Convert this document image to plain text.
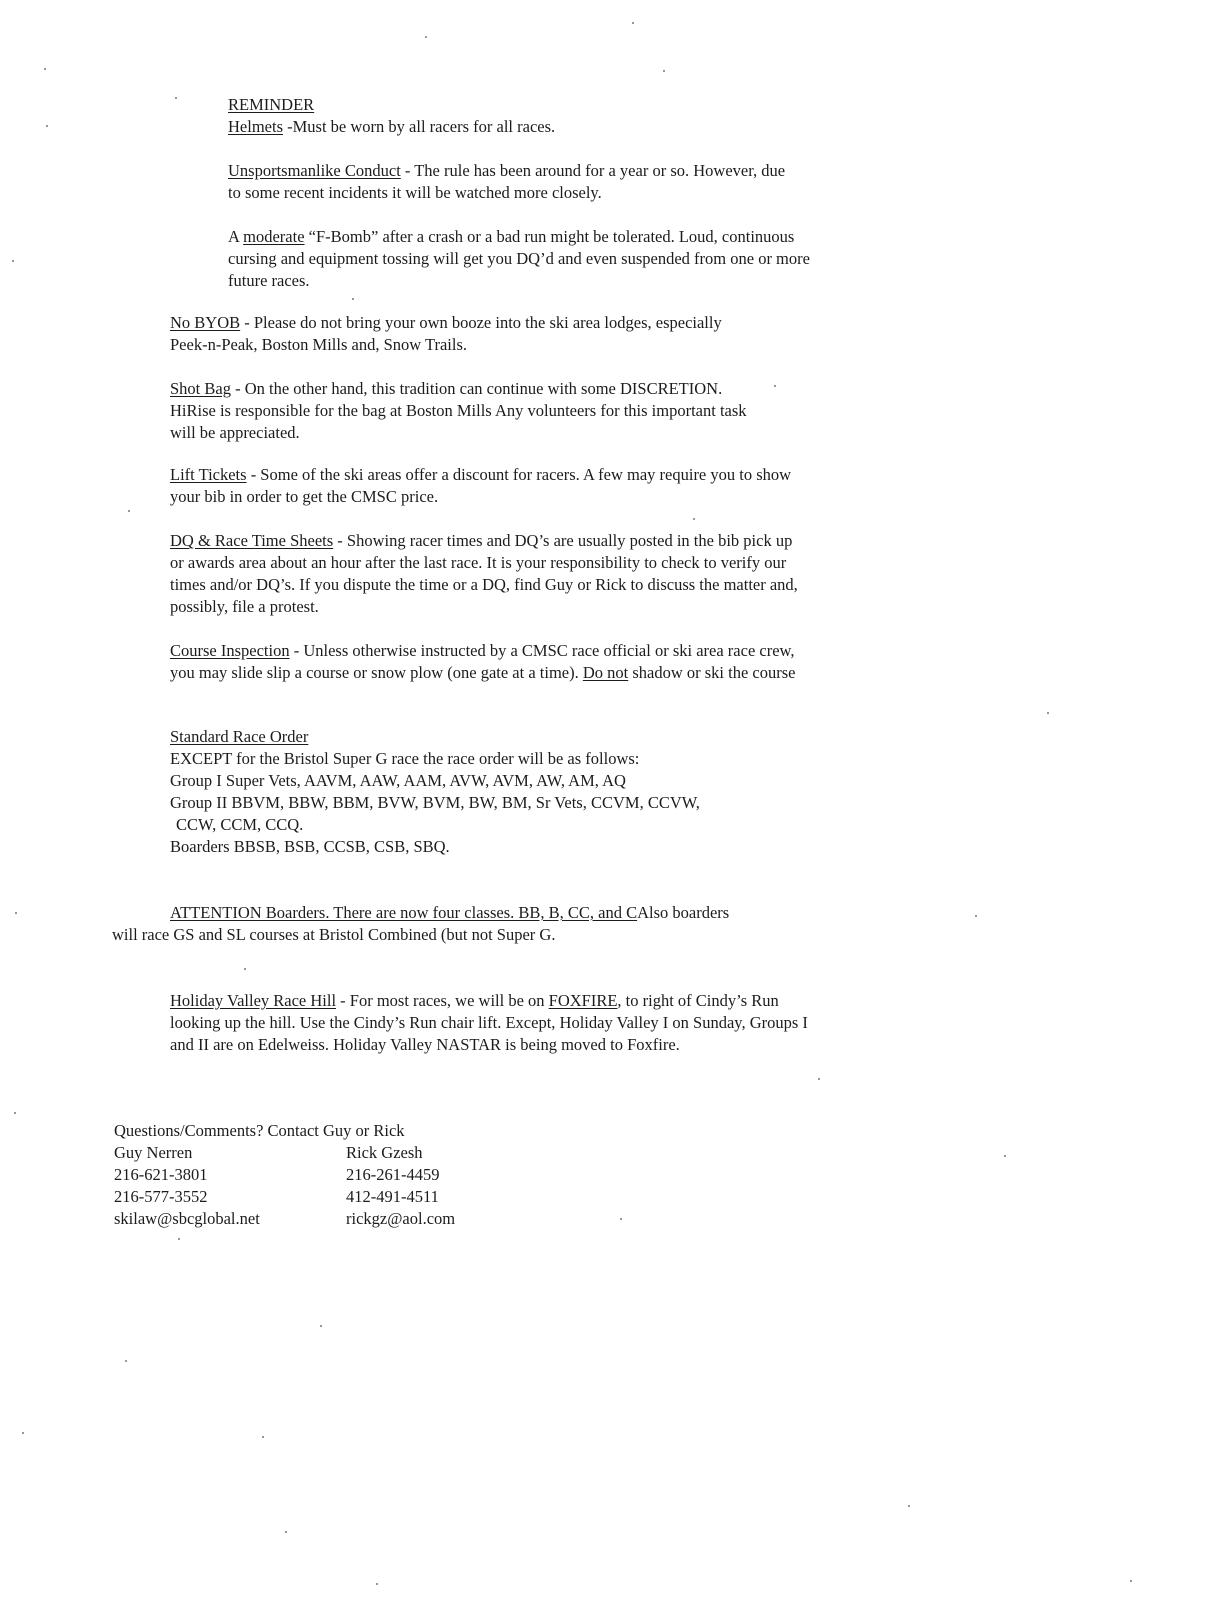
REMINDER

Helmets -Must be worn by all racers for all races.

Unsportsmanlike Conduct - The rule has been around for a year or so. However, due to some recent incidents it will be watched more closely.
A moderate “F-Bomb” after a crash or a bad run might be tolerated. Loud, continuous cursing and equipment tossing will get you DQ’d and even suspended from one or more future races.
No BYOB - Please do not bring your own booze into the ski area lodges, especially Peek-n-Peak, Boston Mills and, Snow Trails.
Shot Bag - On the other hand, this tradition can continue with some DISCRETION. HiRise is responsible for the bag at Boston Mills Any volunteers for this important task will be appreciated.
Lift Tickets - Some of the ski areas offer a discount for racers. A few may require you to show your bib in order to get the CMSC price.
DQ & Race Time Sheets - Showing racer times and DQ’s are usually posted in the bib pick up or awards area about an hour after the last race. It is your responsibility to check to verify our times and/or DQ’s. If you dispute the time or a DQ, find Guy or Rick to discuss the matter and, possibly, file a protest.
Course Inspection - Unless otherwise instructed by a CMSC race official or ski area race crew, you may slide slip a course or snow plow (one gate at a time). Do not shadow or ski the course

Standard Race Order

EXCEPT for the Bristol Super G race the race order will be as follows:

Group I Super Vets, AAVM, AAW, AAM, AVW, AVM, AW, AM, AQ

Group II BBVM, BBW, BBM, BVW, BVM, BW, BM, Sr Vets, CCVM, CCVW,

CCW, CCM, CCQ.

Boarders BBSB, BSB, CCSB, CSB, SBQ.

ATTENTION Boarders. There are now four classes. BB, B, CC, and CAlso boarders will race GS and SL courses at Bristol Combined (but not Super G.
Holiday Valley Race Hill - For most races, we will be on FOXFIRE, to right of Cindy’s Run looking up the hill. Use the Cindy’s Run chair lift. Except, Holiday Valley I on Sunday, Groups I and II are on Edelweiss. Holiday Valley NASTAR is being moved to Foxfire.
Questions/Comments? Contact Guy or Rick
Guy Nerren	Rick Gzesh
216-621-3801	216-261-4459
216-577-3552	412-491-4511
skilaw@sbcglobal.net	rickgz@aol.com
